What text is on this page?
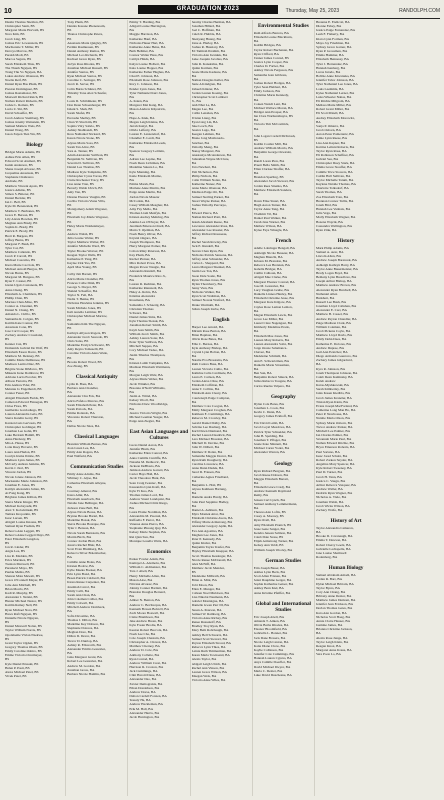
10	Thursday, May 25, 2023	RANDOLPH.COM
GRADUATION 2023
Dustin Thomas Sheldon, BS
Christopher Stem, BS
Margaret Marie Horvath, BS
Nora Kim, BS
Jacob Ling, BS
Joshua Eric Lowenstein, BS
MacKenzie T. Miller, BS
Devoya Mavros, BS
Parakh Modi, BS
Marcos Segura, BS
Sarah Elizabeth Titus, BS
The Thanh Nguyen, BS
Trang Thu Vo Nguyen, BA
Lukas Andrew Olausson, BS
Noelia Reif, BS
Daniel Ryan Bas Pham, BS
Preston Dominguez, BS
Joshua Rastamazar, BS
Maxwell Richard Reich, BS
Nathan Robert Ricketts, BS
Jackie L. Roman, BS
Lucia Z. Shi, BS
David Schaeffer, BS
Jacob Andrew Stemberg, BS
Joshua Jeremy Weinstein, BS
Samuel Mathew Weis, BS
Daniel Wong, BS
Jason Xuyen Tien Wu, BS
Biology
Bridget Marie Adams, BS
Ashlee Erin Allen, BS
Edward Scott Alamari, BS
Isaiah Anderson, BS
Shane Joseph Alvarez, BS
Jacqueline Anastasia, BS
Stephanie Chahrazos
Andrade, BS
Matthew Vincent Apalo, BS
Jessica Adkins, BS
Simon S. Bitterer, BS
Daniel Beckler, BS
Ian C. Bell, BS
Kyle M. Berenzalek, BS
Matthew T. Berhanes, BS
Grace E. Berson, BS
Lily Alexis Bowden, BS
Meghan Ann Brady, BS
Sophia K. Brady, BS
Patrick E. Brody, BS
Brett R. Burgess, BS
Jeffrey Burns, BS
Margaret F. Bush, BS
Tyler Cai, BS
Matthew Caliendo, BS
Jacob P. Carroll, BS
Michael Cascamo, BS
Kiera Marie Cacciola, BS
Michael Arnold Burgos, BS
Nicole Burns, BS
Margaret M. Burgess, BS
Ryan T. Casner, BS
Glenn Ugalo Castaneda, BS
Anna Cheng, BS
Elizabeth A. Chambers, BS
Phillip Chan, BS
Marissa Chan-Miao, BS
Connor A. Chestnut, BS
Daniel N. Chung, BS
Amanda L. Cirillo, BS
Samantha R. Colgan, BS
Kaitlin Kate Connor, BS
Anastasia Cone, BS
Jose Carl Cooper, BS
Zachary Andrew Crossland,
BS
Kenner Cuz, BS
Domenick Gabriel De Wolf, BS
Elizabeth Eason Dacre, BS
Matthew M. Delaney, BS
Camille Marie DeMersee, BS
Madison Lerma Diaz, BS
Brigitte Stone DiMarco, BS
Mikaela Irene Dombrow, BS
Adriana Lucia Escobar, BS
Allison Ferreira, BS
Erin Andrew Eder, BS
Melanie Jo Engelhardt, BS
Connor Feuer, BS
Abigail Elizabeth Fields, BS
Cameron Edward Finnegan, BS
Chloe Fiore, BS
Guillermo Garciadiego, BS
Lauren Alexandra Gala, BS
Sierra Katelin Gerry, BS
Karsten Luis Gervasio, BS
Christopher Goldinger, BS
Jonathan Lee Gohn, BS
Luke Bertram Hamill, BS
Anna Hardesty, BS
Mia A. Hesse, BS
Lotte Ruey Hovertz, BS
Laura Ann Hudon, BS
Jocelyn Iruma Ibinbe, BS
Madison Lynn James, BS
McCarly Aubren Jenkins, BS
Kevin J. Jirel, BS
Vincent Jordan, BS
Nicole Jolene Johnson, BS
Mackenzie Marie Johnston, BS
Jonathan E. Jones, BS
Kaitlyn Alexandra Julian, BS
Ai Fang Kang, BS
Brighton James Killian, BS
Sierra Marie Kinger, BS
Michael Kobayashi, BS
Alex T. Kolodzinski, BS
Tamara Kropotkin, BS
Isaac Larsen, BS
Abigail Louise Knauss, BS
Samuel Ryan Fredkin, BS
Rebecca Ann Leggett, BS
Rebecca Anne Leggett Duys, BS
Ester Elizabeth Langdon,
BS
Jon R. Linder, BS
Angie Lee, BS
Lisa R. Madden, BS
Erica Martinez, BS
Trenton Maxwell, BS
Paraskevi Mayo, BS
Paulak Mehta, BS
Shanon Maia Mewalt, BS
Grace O'Connell Mayer, BS
Jolie Ann Mitchell, BS
Brian Morris, BS
Kadi R. Murphy, BS
Alexander J. Netski, BS
Hunter Michael Nestor, BS
Kaitlin Ramey Nell, BS
Ryan Michael Nora, BS
Hawa Rafi Nguyen, BS
Danielle Nicole Nguyen,
BS
Daniel Maxwell Nolan, BS
Taylor William Norris, BS
Opolaheme Vivian Nzekwe,
BS
Grant Taylor Ogden, BS
Gregory Thomas Olsen, BS
Emily Caroline Oshiro, BS
Emme Victoria Overmeyer,
BS
Kyle Daniel Prusaki, BS
Helen P. Pasti, BS
Alexa Michael Patel, BS
Vivek Patel, BS
Tony Pham, BS
Dennis Kasone Phenenoam,
BS
Thanos Christophe Peters,
BS
Anastasia Maria Quigley, BS
Fermin Rasmussen, BS
Daniel Anthony Ramos, BS
Michael Leo Richards, BS
Rachael Grace Ryan, BS
Jaclyn Ross Rhodes, BS
Jonathan Michael Russell, BS
Jennifer Santos, BS
Ryan Michael Santos, BS
Caroline C. Seringer, BS
Jacob R. Sarver, BS
Colin Burns Schluter, BS
Timothy Tone Alex Schaefer,
BS
Louis D. Schildmeier, BS
Don Dean Schoenberger, BS
Ishani S. Shah, BS
Sarah Shafei, BS
Prerosha Shelley, BS
Chun Yi Shu Kim, BS
Sophia Vitry Sabrio, BS
Ashley Shahbandi, BS
Ross Nathaniel Stickard, BS
Karen Nicole Stone, BS
Alyssa Maria Sosa, BS
Sarah Tan Alice, BS
Sara A. Tanner, BS
Adam Alexander Sullivan, BS
Benjamin W. Sullivan, BS
Severin D. Sullivan, BS
Daniel Lee Thomas, BS
Madison Kyle Tompkins, BS
Christopher Cyrus Torres, BS
Claire Rochester Tracy, BS
Lisa Anne Tran, BS
Beverly Walsh Ulrich, BS
Amy Van, BS
Dionne Eleanor Vaughn, BS
Cecilia Victoria Viana Villa,
BS
Montgomery Adam Wagoner,
BS
Elizabeth Joy-Marie Wagoner,
BS
Haley Marie Waldenmeyer,
BS
Andrew Walsh, BS
Julia Louise Walter, BS
Taylor Matthew Walter, BS
Jennifer Michelle Ward, BS
Tayler Brooke Weaver, BS
Reagan Taylor Wells, BS
Katherine P. Yang, BS
Kaylee Zirk Yao, BS
April Mae Young, BS
Calby Jim Barrett, BS
Alicia Marie Chandler, BS
Frances Colbe Dinh, BS
George S. Dreyer, BS
Shakiel Schaeffer, BA
Taylor N. Feil, BA
Nadia T. Henke, BS
Nicholas Hawkins Jenkins, BS
Sarah Michele Jones, BS
Kali Aurelia Lattimer, BS
Christopher Michael Marlow,
BS
Samantha Kim The Nguyen,
BS
Kathryn Allyson Rogers, BS
Alexander Jacob Saucedo, BS
Chris Salas, BS
Madeline Evelyn Schwartz, BS
Amy Reyna Tomaselli, BS
Caroline Victoria Anna Wade,
BS
Brooks Robert Wood, BS
Zoe Zhang, BS
Classical Antiquity
Lydia R. Baas, BA
Barbara Ann Chandler,
BA
Alexander Chu Fok, BA
Alicia Fafeloo Marcus, BA
Sarah Elizabeth Peter, BA
Sarah Pottock, BA
Emma Rolando, BA
Vincenzo Robert Thurston,
BA
Dallas Nicole Sites, BA
Classical Languages
Brendan William Barnes, BA
Joan Gwen Lee, BA
Emily Ann Rogers, BA
Paul Walfield, BA
Communication Studies
Emily Anne Adams, BA
Whitney C. Aljoe, BA
Catherine Elizabeth Alleyne,
BA
Courtney Amaral, BA
Kiara Amir, BA
Elizabeth Auerbach, BA
Natalie Jane Bellinger, BA
Jackson Zane Bell, BA
Alyssa Nicole Bosse, BA
Brynne Brooke Bartel, BA
Madeline Bozak, BA
Sierra Brooke Bourque, BA
Tyler J. Benson, BA
Nicole Sarah Bernstein, BA
Martin Birch, BA
Connor Jordan Blair, BA
Jessica Rachel Blair, BA
Scott Evan Blumberg, BA
Rebecca Silver Bolenbacher,
BA
Camille Anne Boles, BA
Kirsten Bodow, BA
Kylie Meeka Booker, BA
Erin Lynn Bond, BA
Breen Patrick Caldwell, BA
Kiona Renee Carpenter, BA
Jeremiah Carrol, BA
Emily Celli, BA
Sarah Ann Chan, BA
John Coleman Collier, BA
Emily Colwell, BA
Mitchell Andrew Dombeck,
BA
Sofia Dicosimo, BA
Thomas J. Dillon, BA
Madeline Key Dobson, BA
Stephanie Dolores, BA
Meghan Dore, BA
Dillon D. Dever, BA
Trevor D. Dunlop, BA
Ashley R. Ellsworth, BA
Alexander Emilio Gonzalez,
BA
Gina Margaret Grant, BA
Robert Lee Gonzalez, BA
Andrew M. Gordon, BA
Jonathan Gross, BA
Barbara Nicole Hamlin, BA
Emmy T. Harding, BA
Abigail Louise Harrington,
BA
Maggie Harrison, BA
Katherine Hauf, BA
Nicholas Hauer Hart, BA
Katherine Anne Heiss, BA
Beth Hellmer, BA
Connor Walter Hess, BA
Caitlyn Hinds, BA
Kalyn Louise Holbert, BA
Kaia Louise Hopper, BA
Katherine Esther Hughes, BA
Chad E. Johnson, BA
Elizabeth Rose Johnson, BA
Rory C. Johnson, BA
Pender Lynn Jones, BA
Tyler Nathaniel Kurt Jones,
BA
A. Kalen, BA
Margaret Mai Kang, BA
Mason Andrew Kilpatrick,
BA
Hope A. Kiek, BA
Megan Leigh Kleine, BA
Jarrah Kunyl, BA
Olivia Lafferty, BA
Lauren E. Lanzendorf, BA
Chandler E. Lardi, BA
Katharine Elizabeth Leeds,
BA
Spencer Gregory Leitlein,
BA
Adrien Lee Lepine, BA
Noah Dean Lichtman, BA
Madeline Sakura Lo, BA
Kyle Manning, BA
Katie Elizabeth Marino,
BA
Emma Marsh, BA
Marlene Anne Martin, BA
Paige Anna Martin, BA
Jordan Nicole Mauzar
McCorkle, BA
Casey William Meagher, BA
Amy Fay Mello, BA
Thomas Liam Menfyk, BA
Kirsten Audrey Mehring, BA
Annika Lee O'Dwyer, BA
Jeremiah Emerson Orrell, BA
Maria T. Ojelman, BA
Noah Henry Oliver, BA
Krystal Ongaro, BA
Joseph Thompson, BA
Harry Margaret Pomer, BA
Colton Riley Peterson, BA
Kay Pham, BA
Rachel Plotner, BA
Mira Robert Powe, BA
Megan Power Naugle, BA
Alexandra Randall, BA
Frederick Maurice Rios Jr.,
BA
Lauren R. Redman, BA
Katherine Rienstedt, BA
Haley A. Rohrs, BA
Kristina Alexandra
Rossmann, BA
Samantha J. Schaerig, BA
Christian Thomas
Schwarz, BA
Daniel James Sims, BA
Kyle Thomas Slezak, BA
Jonathan Robert Smith, BA
Kayli Jean Smith, BA
William Jacob Smith, BA
Ashley Lauren Soter, BA
Peter Tyler Sullivan, BA
Mitchell Suppes, BA
Cory Michael Tadeo, BA
Justin Tiberius Thompson,
BA
Kirsten Lamb Tompkins, BA
Madison Elizabeth Wattmann,
BA
Morgan Leigh Walz, BA
Alyssa Marie Weber, BA
Jacob Winkler, BA
Breonna O'Neill Williams,
BA
Justin A. Wittel, BA
Kelsey Wooll, BA
Nicholas Drew Woodbridge,
BA
Jessica Victoria Wright, BA
Michael Leeman Yeager, BA
Paige Ann Ziegler, BA
East Asian Languages and Cultures
Lucas Daniel Aaron, BA
Jennifer Blum, BA
Katherine Ellen Conrad, BA
Anna Camille Cunliffe, BA
Natasha M. Dedkovic, BA
Jackson DeBlasio, BA
Jamison Andrew Garrett, BA
Carter Hays Hall, BA
Jacob Theodore Hunt, BA
Sean Craig Iwaniec, BA
Kassandra Lynn Kraft, BA
Kyle Yi Kuo, BA
Thomas James Lord, BA
Andrew Stuart Lundquist, BA
Joshua Michael Ortiz Riego,
BA
Laura Elaine Nordman, BA
Alexandria M. Pascual, BA
Raffaella F. Perrot, BA
Vanessa Anne Pierro, BA
Stephanie Phuong Quy, BA
Kelsey Marie Stephan, BA
Rui Qian Sun, BA
Monique Louella Watts, BA
Economics
Parker Fowler Adam, BA
Kamayel A. Ademolu, BA
William C. Aldmeister, BA
Tara J. Abeli, BA
Henry Michelle Allen, BA
Mason Aloe, BA
Nirvana Alvarez, BA
Johnny Conner Bartlett, BA
Brandon Douglas Bernard,
BA
Amber N. Benton, BA
Andrew C. Bevilacqua, BA
Kenneth Bowen Bohn II, BA
Zach Moore Boswell, BA
Claire Bramhoon, BA
Jake Andrew Breen, BA
Kyle Foster Brodie, BA
Keaton Robert Buccola, BA
Noah Lee Cha, BA
Cole Joseph Chastain, BA
Christopher A. Chavez, BA
Matthew Cherney, BA
Andrew D. Cole, BA
Anthony Collette, BA
Ryan Conrad, BA
Andrew William Crest, BA
Harrison R. Croston, BA
Jack Cummings, BA
Clint Harold Dane, BA
Alexander Dao, BA
Xavier Demograkis, BA
Ethan Donaldson, BA
Andrew Dorse, BA
Dalton Cardell Forsten, BA
Tessaly Ha, BA
Andrew Hackleman, BA
Erik M. Hall, BA
Alexander Harris, BA
Jacob Harrington, BA
Jeremy Charles Herman, BA
Jonathan Hillard, BA
Joel C. Hoffman, BA
Caleb R. Hubble, BA
Shenyang Huang, BA
Zane A. Hurley, BA
Joshua R. Hussiary, BA
Ed Tamirah Ibrahim, BA
Victoria Ann Iwaniuk, BA
Luke Joaquin Jacobus, BA
John R. Kanakidas, BA
Quinn Karman, BA
Jessie Marie Kedsure, BA
BA
Nathan Douglas Keller, BA
Janie A Kindgren, BA
Zaheeb Kintzer, BA
Jordan Lauren Koenig, BA
Christopher Scott Lambert
Jr., BA
Anh Nhat Le, BA
Megan Lee, BA
Collin Lenahan, BA
Tristan Liang, BA
Eyan Ling Lin, BA
Jake Losch, BA
Jessica Lugo, BA
Keegan Lehman, BA
Bruno Jong Maldonado-
Sanchez, BA
Timothy Meng, BA
Nanay Margeret, BA
Anastasiya McAnderson, BA
Johnathan Wayne McClure,
BA
Tara Newhart, BA
Tim Nichelson, BA
Philip Nichols, BA
Colin William Nolan, BA
Katherine Nunez, BA
Anna Marie Obenour, BA
Madison Paige Ott, BA
Samuel Sterling Parker, BA
Stuart Wayne Parker, BA
Joshua Timothy Percarpo,
BA
Edward Pierce, BA
Nathan Richard Pratt, BA
Isaiah Abraham Reese, BA
Lawrence Alexander Ross, BA
Alexander Lee Rossier, BA
Jeffrey Richard Rousseau,
BA
Rachel Sarah Rowley, BA
Jack E. Rundell, BA
Steven Chan Ryan, BA
Nicholas Patrick Sansone, BA
Jeffrey Alan Schneider, BA
Carlos L. Sheppard, BA
Laura Margaret Shenkel, BA
Justin Lee Ton, BA
Jason Dale Soule, BA
Ryan Thomas Jones, BA
Dylan Thornberry, BA
Jenny Vien, BA
Nicholas Walker, BA
Ryan Scott Waltman, BA
Samuel Nowak Watford, BA
Drake Wermuth, BA
Julian Joseph Zerbe, BA
English
Harper Lee Arnold, BA
Miriam Rose Barton, BA
Brian Baptiste, BA
Olivia Rose Bates, BA
Ellie C. Bernas, BA
Kyle Anthony Bishop, BA
Crystal Lynn Bolton, BA
BA
Natalie Eva Brostoma, BA
Ruth Cadora Buss, BA
Lauren Victoria Cailio, BA
Kathrine Celia Cardinale, BA
Laura E. Carlsen, BA
Jordan Alexa Cline, BA
Elizabeth Coffman, BA
Anna T. Collins, BA
Elizabeth Ann Cleary, BA
Courtenayh Paige Compton,
BA
Matthew Cota Coogan, BA
Emily Margaret Croghan, BA
Kathleen E. Cummings, BA
Rebecca M. Crowley, BA
Gerald Daniel Dalby, BA
Sabrina Lee Dasburg, BA
Karli Dawn Diamond, BA
Rachel Lauren Deadrick, BA
Lara Michael Brosalaz, BA
Mitchell D. Devine, BA
John W. Dilbert, BA
Matthew P. Dolan, BA
Samantha Maggie Dorrer, BA
Ryan Ruth Dougherty, BA
Caroline Lawrence, BA
Anna Dunn Dudek, BA
Jared D. Friesen, BA
Catherine Agnes Friedland,
BA
Benjamin L. Holt, BS
Alyssa Kathleen Hartung,
BA
Danielle Audra Hardy, BA
John Paul Sapphire Hadley,
BA
Daniel A. Ashburn, BA
Myra Moniek Attar, BA
Elizabeth Christine Avera, BA
Tiffany Marie Armstrong, BA
Alexander Gregory Aplin, BA
Eva Ann Agostino, BA
Meghan Lee Jones, BA
Peter P. Kennedy, BA
Quinn Kistler, BA
Benjamin Taylor Kiefer, BA
Hayley Elizabeth Knepper, BA
Jacob Thomas Kessinger, BA
Nicole Renee McDonald, BA
Alex McNiff, BA
Matthew Jacob Mendez,
BS
Madeleine Milbrath, BA
Brian A. Mini, BA
Tobi Moon, BA
Ellen E. Munger, BA
Colleen Noel Muldoon, BA
Lisa Nikolai Neumann, BA
Gabriel Montaigne, BA
Danielle Gwen Parr III, BA
Susan A. Pearson, BA
Samuel W. Ramberg, BA
Victoria Anne Richey, BA
Renee Russakoff, BA
Bradley Troy Ryan, BA
Mary Beth Rohrbaugh, BA
Ashley Bell Schwartz, BA
Samuel Scott Stewart, BA
Peyton Elizabeth Stroud, BA
Rebecca Lynn Thies, BA
Lainie Ruth Timmerman, BA
Karen Maria Townsend, BA
Alexis Taylor, BA
Abigail Leigh Ulrich, BA
Rachel Ann Vinson, BA
Lauren Grace Wilson, BA
Maegan Weis, BA
Victoria Anne Wiles, BA
Environmental Studies
Ruth Alfredo Barrera, BA
Elizabeth Louise Blackburn,
BA
Kaitlin Bridges, BA
Taylor Robert Buchanan, BA
Ryan Clifford, BA
Tanner James Conrad, BS
Jessica Lynn Cooper, BA
Charles D. Farber, BA
Ashley Nicole Ferguson, BA
Samantha Jean Gibbons,
BA
Joshua Robert Hodges, BA
Tyler Sean Hubbert, BA
Emily Jackson, BA
Christina Marie Kennedy,
BA
Coleen Wendi Lent, BA
Michael Wallace Moran, BA
Bridget Ann Prosper, BA
Ian Clare Warhursthuyre, BS
BA
Victoria Tim McCormick,
BA
John Logan Cordell McIntosh,
BS
Kaitlin Coulter Mill, BA
Andrew William Morris, BA
Benjamin George Oswaxki,
BA
Randi Loren Pion, BA
Pruett Bella Smith, BA
Ellen Clarisse Shaffer, BA
BA
Brandon Sperling, BS
Alexander Jacob Stewart, BA
Jordan Rees Sinaiko, BA
Matthew Elizabeth Sanders,
BA
Dawn Elise Stuart, BA
Hugh Aaron Turner, BA
Taylor Anne Tang, BA
Vladimir Vil, BA
Daniel Paul Walker, BA
Tarah Jane Warner, BA
Mathew Wilson, BA
Kylee Faye Winegle, BA
French
Adelle Lohringer Bengall, BA
Ashleigh Nicole Besseur, BA
Meghan Bianchi, BA
Kristen M. Brandon, BA
Rebecca Lee Brennan, BA
Isabella Bridger, BA
Caitlin Calhoun, BA
Abigail Mae Clarke, BA
Margaret Eleanor Conrad, BA
Jose M. Gonzalez, BA
Lucy Vaughan Grube, BA
Danielle Linnea Hanley, BA
Elizabeth Christine Jesse, BA
Margaret Kate Kilgore, BA
Caylee Rose Lemon Lemon,
BA
Megan Elizabeth Lewis, BA
Grace Lee Miller, BA
Laurel Clare Nagengast, BA
Kimberly Madeline Prado,
BA
Elizabeth Mae Jones, BA
Lauren Mary Roberts, BA
Lauren Alexandra Soliz, BA
Jorge Oreste Salamanca-
Chavez, BA
Madeleine Schmidt, BA
Ann E. Schwartzman, BA
Danielle Marie Strassman,
BA
Ben Sun, BA
Benjamin Robert Smuck, BA
Julisa Rebecca Tougate, BA
Carlos Ruelas Valpero, BA
Geography
Dylan Cole Bates, BA
Jonathan L. Cook, BA
Kevin C. Dunn, BA
Gregory James Eckhoff, BA
Eric David Lamb, BA
Jacob Loyal Meadows, BA
Patrick Tyler Schneider, BA
John B. Spalding, BA
Jonathan T. Pflager, BA
Jessie Kate Shinnett, BA
Michael Carter Yoder, BA
Alexander Warren, BA
Geology
Ryan Richard Bergren, BA
Jacob Reese Dobson, BA
Maggie Elizabeth Barrett,
BA
Elizabeth Grace Cradj, BA
Andrew Kenneth Raymond
Remy, BA
Jensen Carl Lynch, BA
Samuel Anthony Lemmermann,
BA
Theresa Ann Loftis, BS
Casey A. Mooney, BS
Ryan Ovell, BA
Amy Elizabeth Prantch, BS
Jesse Gene Sanger, BA
Kendra Jenean Salmon, BA
Caleb Dale Stone, BS
Elijah Armstrong Turner, BA
Kelsey Ann Veldt, BS
William Joseph Wooley, BA
German Studies
Erin Joseph Bauer, BA
Ashlee Lynn Beck, BA
Scott Allen Frisnen, BA
Jenni Dauphine Gerger, BA
Sophie Katherine Geiser, BA
Ashley Bern Kiel, BA
Anna Kristine Pfeiffer, BA
Global and International Studies
Eric Joseph Abell, BA
Amanda T. Aitken, BA
Olivia Barbe Rhodes, BA
Eleanor Bloomfield, BA
Gabriella L. Bonner, BA
Jack Dane Bowers, BA
Nicole Leigh Canton, BA
Katie Diane Chow, BA
Kaylie Collinson, BA
Jennifer Cole Cummings, BA
Hannah Lauren Cyprus, BA
Anya Camille Doerfler, BA
David Michael Dwyer, BA
Maria C. Dexter, BA
Luke David Duschesne, BA
Breanna E. Endicott, BA
Dionne Fahey, BA
Jessica Paige Fernandez, BA
Leah F. Flaherty, BA
Kiara Lynn Forman, BA
Maya Joy Friedman, BA
Sydney Grace Garner, BA
Ryan P. Grossman, BA
Emma Hammer, BA
Elizabeth Hennessy, BA
Tyler J. Hernandez, BA
Hannah Isenberg, BA
Lucas Jurado, BA
Bobbie Anne Kiwanuka, BA
Jennifer Tabor Johnson, BA
Tyler Nathaniel Lee Jones, BA
Louis Laemmle, BA
Kylee Nathaniel Lerner, BA
Luisa Wheeler Nahas, BA
Eli Ritchie Milgrom, BA
Melissa Marie Miller, BA
Robert Grant Miller, BA
Eli Scott Mizell, BA
Audrey Elizabeth Morowitz,
BA
Sonja P. Omarra, BA
Jacob Osborn, BA
Aaron Peter Pomerantz, BA
Jamie Lynn Reese, BA
Lisa Ann Kepner, BA
Katrina Leilani Roberts, BA
Taylor Ryan Rose, BA
Eli Robinson Schaffner, BA
Gabriel Sea, BA
Christopher Duey Stark, BA
Emma Grace Stouffer, BA
Camille Trice Stowers, BA
Caitlin Hall Sullivan, BA
Taylor Michelle Tatum, BA
Kaylene Natalie Thomas, BA
Charlotte Tolksdorf, BA
Sarah Thomas, BA
Zoe Elizabeth Tran, BA
Brennan Connor Tullis, BA
Jonah Bird, BA
Hannah Lee Vadnais, BA
Julia Vega, BA
Molly Elizabeth Wagner, BA
Bozena Wojcik, BA
Cassandra Wellington, BA
Ryan Zink, BA
History
Mark Philip Adams, BA
Samuel A. Azar, BA
Lincoln Allen, BA
Andrew Joseph Barancek, BA
Ashleigh Kathryn Barry, BA
Taylor Anne Bauermeister, BA
Brady Logan Boyd, BA
Bethany Lynn Breedlove, BA
Joseph Arthur Bishop, BA
Matthew Andrew Brown, BA
Alexander Ryan Burchell, BA
Nathaniel Allen
Burkhart, BA
Russell Lee Bush, BA
Jonathan Lloyd Callahan, BA
Alexander E. Carr, BA
Matthew B. Cassel, BA
Andrew Peyton Chandler, BA
Paige Madison Clark, BA
William Coleman, BA
Jacob Pickens Coyle, BA
Matthew Lloyd Davis, BA
Emily Dehn Dees, BA
Katherine E. Dolores, BA
Andrew Dupree, BA
Gail Ann Ezatchev, BA
Diego Armando Guerrero, BA
Zachary James Gilgardard,
BA
Kyra R. Johnson, BA
Jonah Thompson Johnson, BA
Caleb Dean Kaminsky, BA
Kaleb Andrew
Karas-Myshkowski, BA
Sarah Kimberley, BA
Janis Kasen Kiedbla, BA
Jacob James Kranzler, BA
Tristan Ryan Klein, BA
Evans Joseph MacFarland, BA
Catherine Long Man Ho, BA
Peter P. Newhouse, BA
Natalie Maria Olson, BA
Sydney Marie Osborn, BA
Trevor Andrew Parker, BA
Mitchell Lee Palmer, BA
Ian Charles Palmer, BA
Savannah Marie Paul, BA
Nathan Edward Ritchie, BA
Bryce Emerson Roberts, BA
Paul Soriano, BA
Isaac Jared Schulz, BA
Robert Zarkon Snyder, BA
Angelina Mary Spencer, BA
Kyle Robert Sweeney, BA
Paul D. Turner, BA
Jacob H. Vann, BA
Jessica C. Vaugn, BA
Arthur Rebecca Vazquez, BA
Andrew Waller, BA
Dedrick Ryan Wagner, BA
Nicholas A. Viele, BA
Jonathan Walsh, BA
Jacob Wicks Wilson, BA
Zachary Wolfe, BA
History of Art
Taylor Alexandra Cameron,
BA
Brooke D. Cavanaugh, BA
Emma T. Dawson, BA
Robert Cherry Goelz, BA
Gabrielle Lachapelle, BA
Jane Louise Shamwell
Rodenberg, BA
Human Biology
Samuel Abraham Amadi, BA
Jordan R. Barr, BA
Dylan Michael Brittain, BA
Taylor Byers, BA
Cory Ann Chang, BA
Brittany Anne Dexter, BA
Matthew James Dumont, BA
Jennifer Jean Erickson, BA
Declan Thomas Gates, BA
Kara Ann Gordon, BA
Nicholas Scott Haag, BA
Annie Claire Hauser, BA
Jasmine James, BA
Brianna Christine Jackson,
BA
Alexis Rose Junge, BA
Taylor Leigh Klein, BA
Reagan Knox, BA
Margaret Anne Kraus, BA
Vera Poon Lo, BA
